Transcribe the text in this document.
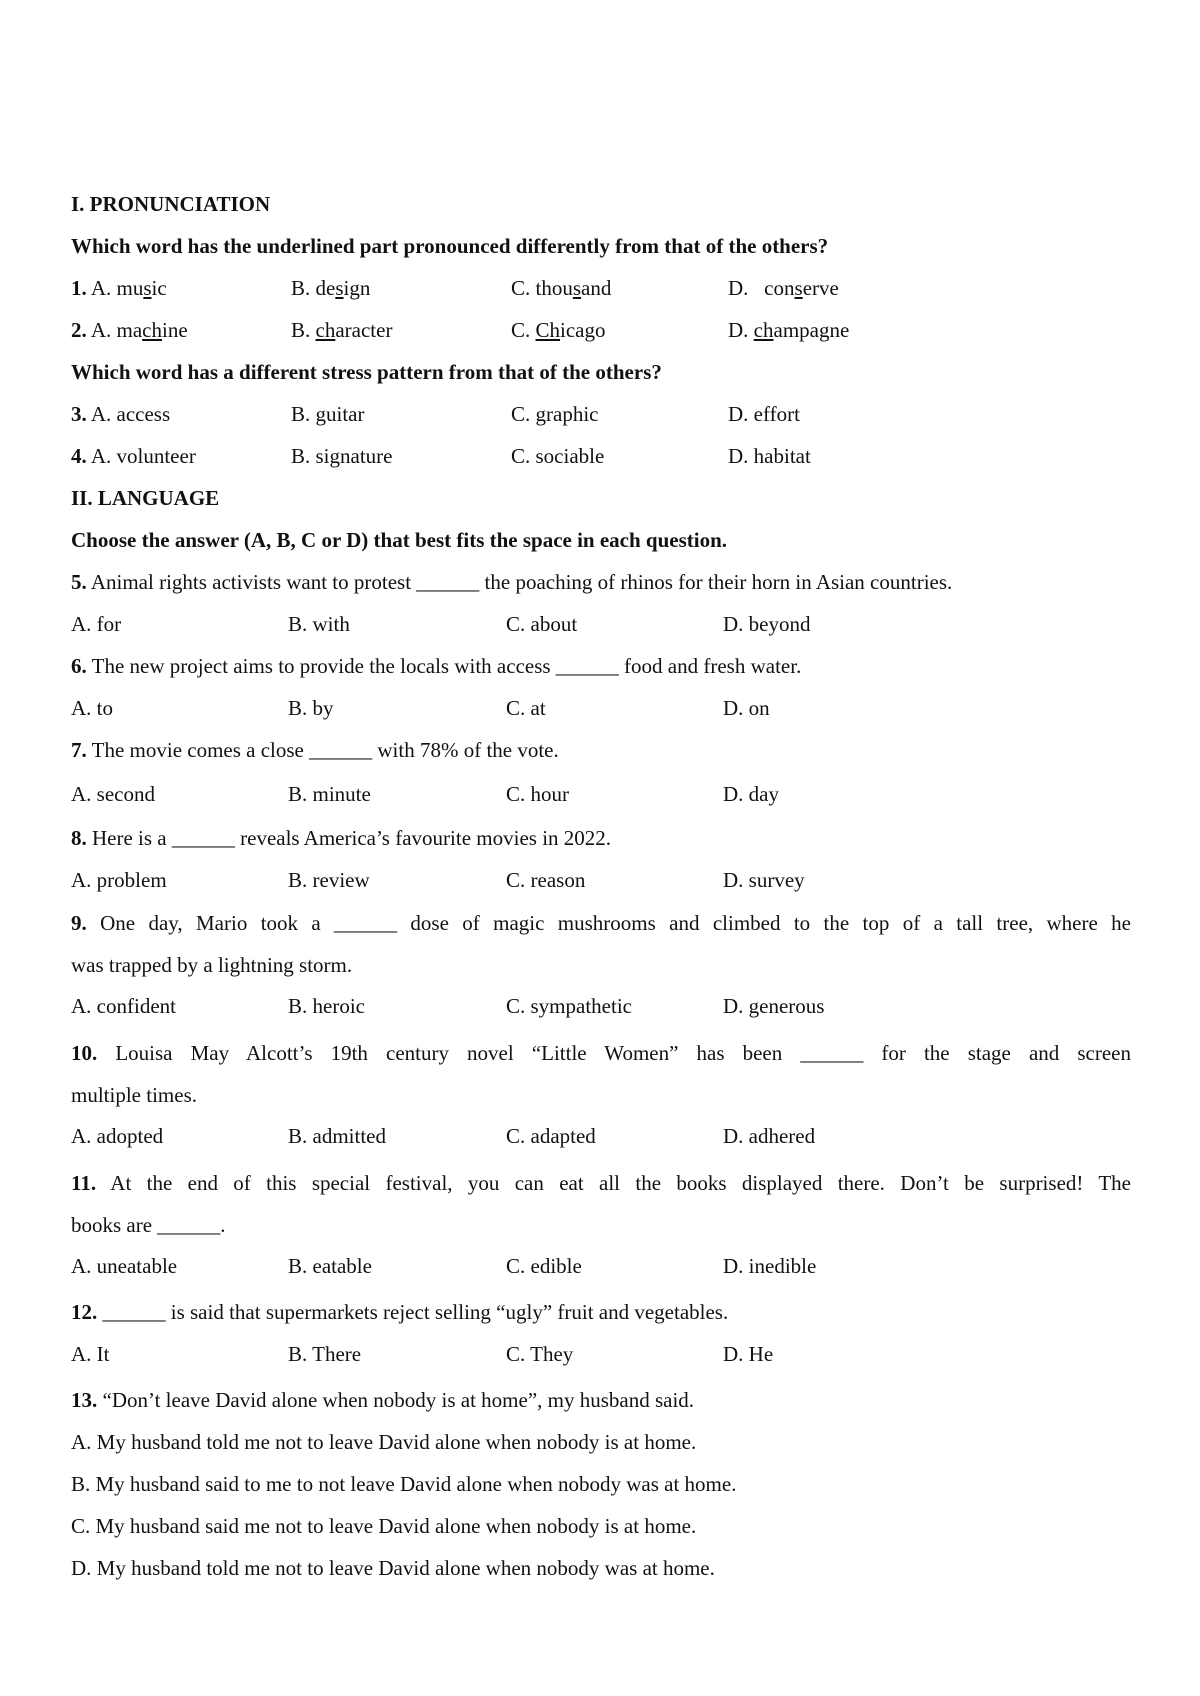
I. PRONUNCIATION
Which word has the underlined part pronounced differently from that of the others?
1. A. music	B. design	C. thousand	D.   conserve
2. A. machine	B. character	C. Chicago	D. champagne
Which word has a different stress pattern from that of the others?
3. A. access	B. guitar	C. graphic	D. effort
4. A. volunteer	B. signature	C. sociable	D. habitat
II. LANGUAGE
Choose the answer (A, B, C or D) that best fits the space in each question.
5. Animal rights activists want to protest ______ the poaching of rhinos for their horn in Asian countries.
A. for	B. with	C. about	D. beyond
6. The new project aims to provide the locals with access ______ food and fresh water.
A. to	B. by	C. at	D. on
7. The movie comes a close ______ with 78% of the vote.
A. second	B. minute	C. hour	D. day
8. Here is a ______ reveals America’s favourite movies in 2022.
A. problem	B. review	C. reason	D. survey
9. One day, Mario took a ______ dose of magic mushrooms and climbed to the top of a tall tree, where he
was trapped by a lightning storm.
A. confident	B. heroic	C. sympathetic	D. generous
10. Louisa May Alcott’s 19th century novel “Little Women” has been ______ for the stage and screen
multiple times.
A. adopted	B. admitted	C. adapted	D. adhered
11. At the end of this special festival, you can eat all the books displayed there. Don’t be surprised! The
books are ______.
A. uneatable	B. eatable	C. edible	D. inedible
12. ______ is said that supermarkets reject selling “ugly” fruit and vegetables.
A. It	B. There	C. They	D. He
13. “Don’t leave David alone when nobody is at home”, my husband said.
A. My husband told me not to leave David alone when nobody is at home.
B. My husband said to me to not leave David alone when nobody was at home.
C. My husband said me not to leave David alone when nobody is at home.
D. My husband told me not to leave David alone when nobody was at home.
